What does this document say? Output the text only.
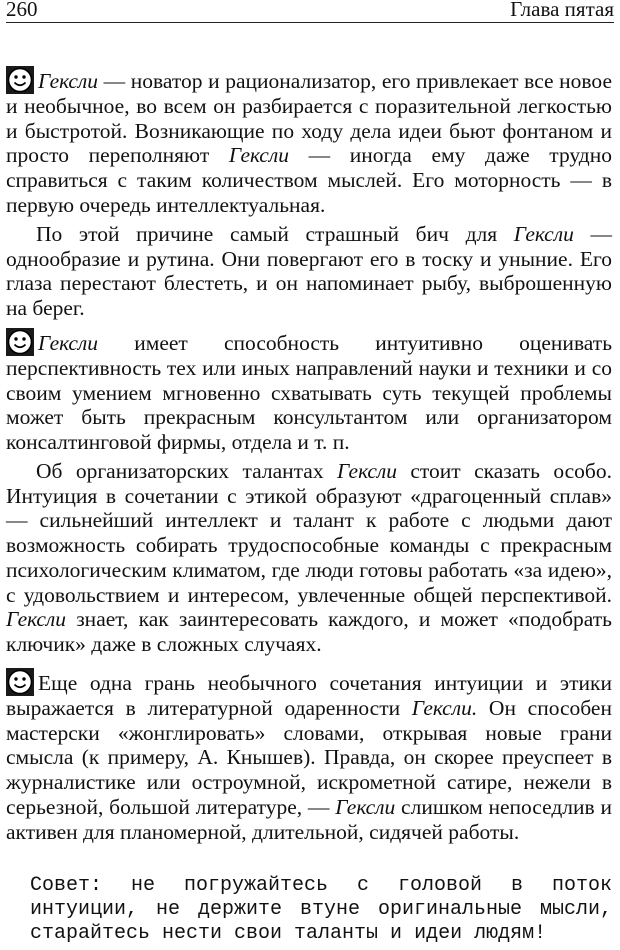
260	Глава пятая

Гексли — новатор и рационализатор, его привлекает все новое и необычное, во всем он разбирается с поразительной легкостью и быстротой. Возникающие по ходу дела идеи бьют фонтаном и просто переполняют Гексли — иногда ему даже трудно справиться с таким количеством мыслей. Его моторность — в первую очередь интеллектуальная.

По этой причине самый страшный бич для Гексли — однообразие и рутина. Они повергают его в тоску и уныние. Его глаза перестают блестеть, и он напоминает рыбу, выброшенную на берег.

Гексли имеет способность интуитивно оценивать перспективность тех или иных направлений науки и техники и со своим умением мгновенно схватывать суть текущей проблемы может быть прекрасным консультантом или организатором консалтинговой фирмы, отдела и т. п.

Об организаторских талантах Гексли стоит сказать особо. Интуиция в сочетании с этикой образуют «драгоценный сплав» — сильнейший интеллект и талант к работе с людьми дают возможность собирать трудоспособные команды с прекрасным психологическим климатом, где люди готовы работать «за идею», с удовольствием и интересом, увлеченные общей перспективой. Гексли знает, как заинтересовать каждого, и может «подобрать ключик» даже в сложных случаях.

Еще одна грань необычного сочетания интуиции и этики выражается в литературной одаренности Гексли. Он способен мастерски «жонглировать» словами, открывая новые грани смысла (к примеру, А. Кнышев). Правда, он скорее преуспеет в журналистике или остроумной, искрометной сатире, нежели в серьезной, большой литературе, — Гексли слишком непоседлив и активен для планомерной, длительной, сидячей работы.

Совет: не погружайтесь с головой в поток интуиции, не держите втуне оригинальные мысли, старайтесь нести свои таланты и идеи людям!
